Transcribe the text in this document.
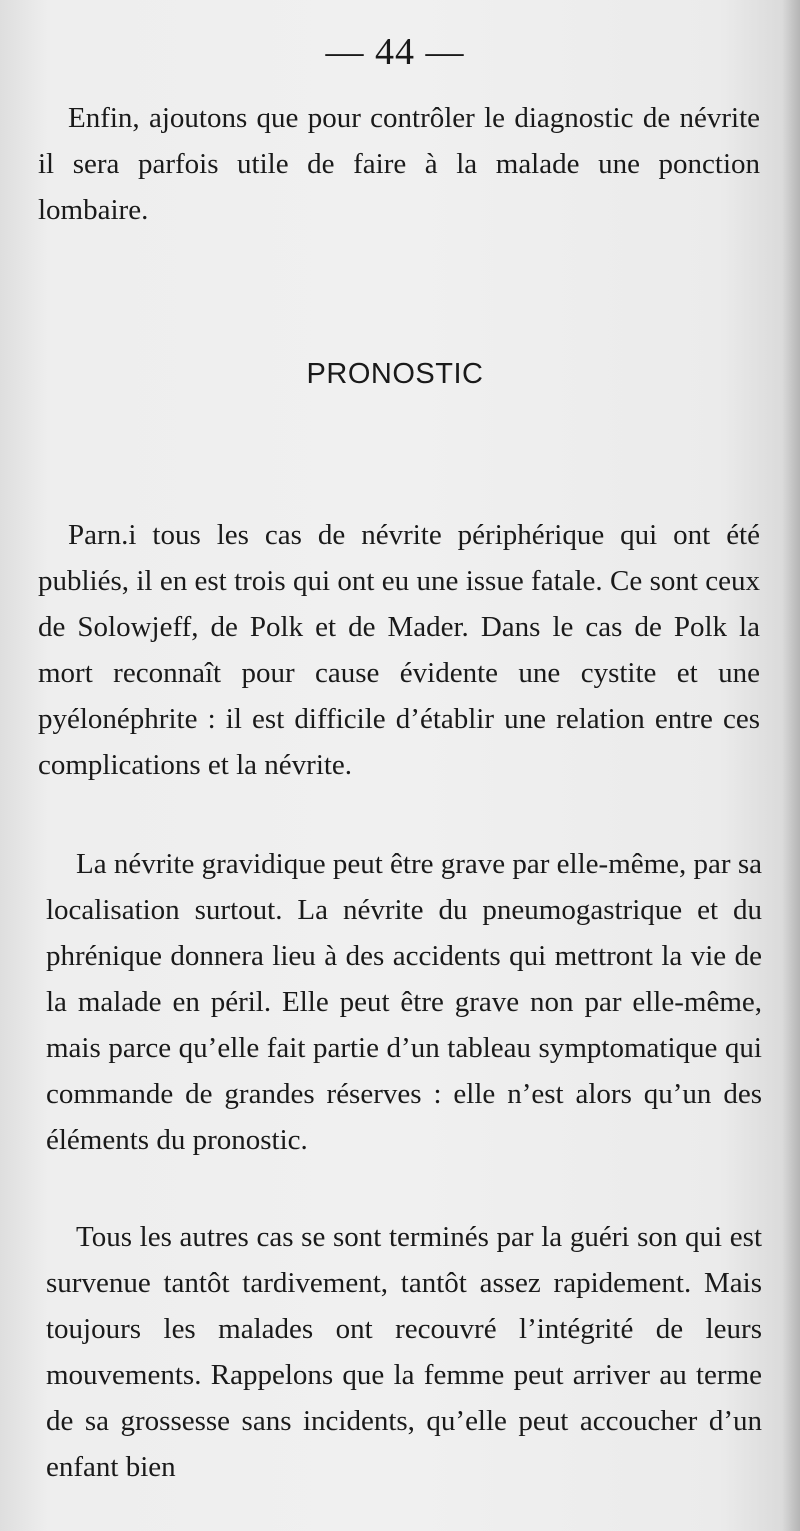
— 44 —

Enfin, ajoutons que pour contrôler le diagnostic de névrite il sera parfois utile de faire à la malade une ponction lombaire.

PRONOSTIC

Parn.i tous les cas de névrite périphérique qui ont été publiés, il en est trois qui ont eu une issue fatale. Ce sont ceux de Solowjeff, de Polk et de Mader. Dans le cas de Polk la mort reconnaît pour cause évidente une cystite et une pyélonéphrite : il est difficile d’établir une relation entre ces complications et la névrite.

La névrite gravidique peut être grave par elle-même, par sa localisation surtout. La névrite du pneumogastrique et du phrénique donnera lieu à des accidents qui mettront la vie de la malade en péril. Elle peut être grave non par elle-même, mais parce qu’elle fait partie d’un tableau symptomatique qui commande de grandes réserves : elle n’est alors qu’un des éléments du pronostic.

Tous les autres cas se sont terminés par la guéri son qui est survenue tantôt tardivement, tantôt assez rapidement. Mais toujours les malades ont recouvré l’intégrité de leurs mouvements. Rappelons que la femme peut arriver au terme de sa grossesse sans incidents, qu’elle peut accoucher d’un enfant bien
